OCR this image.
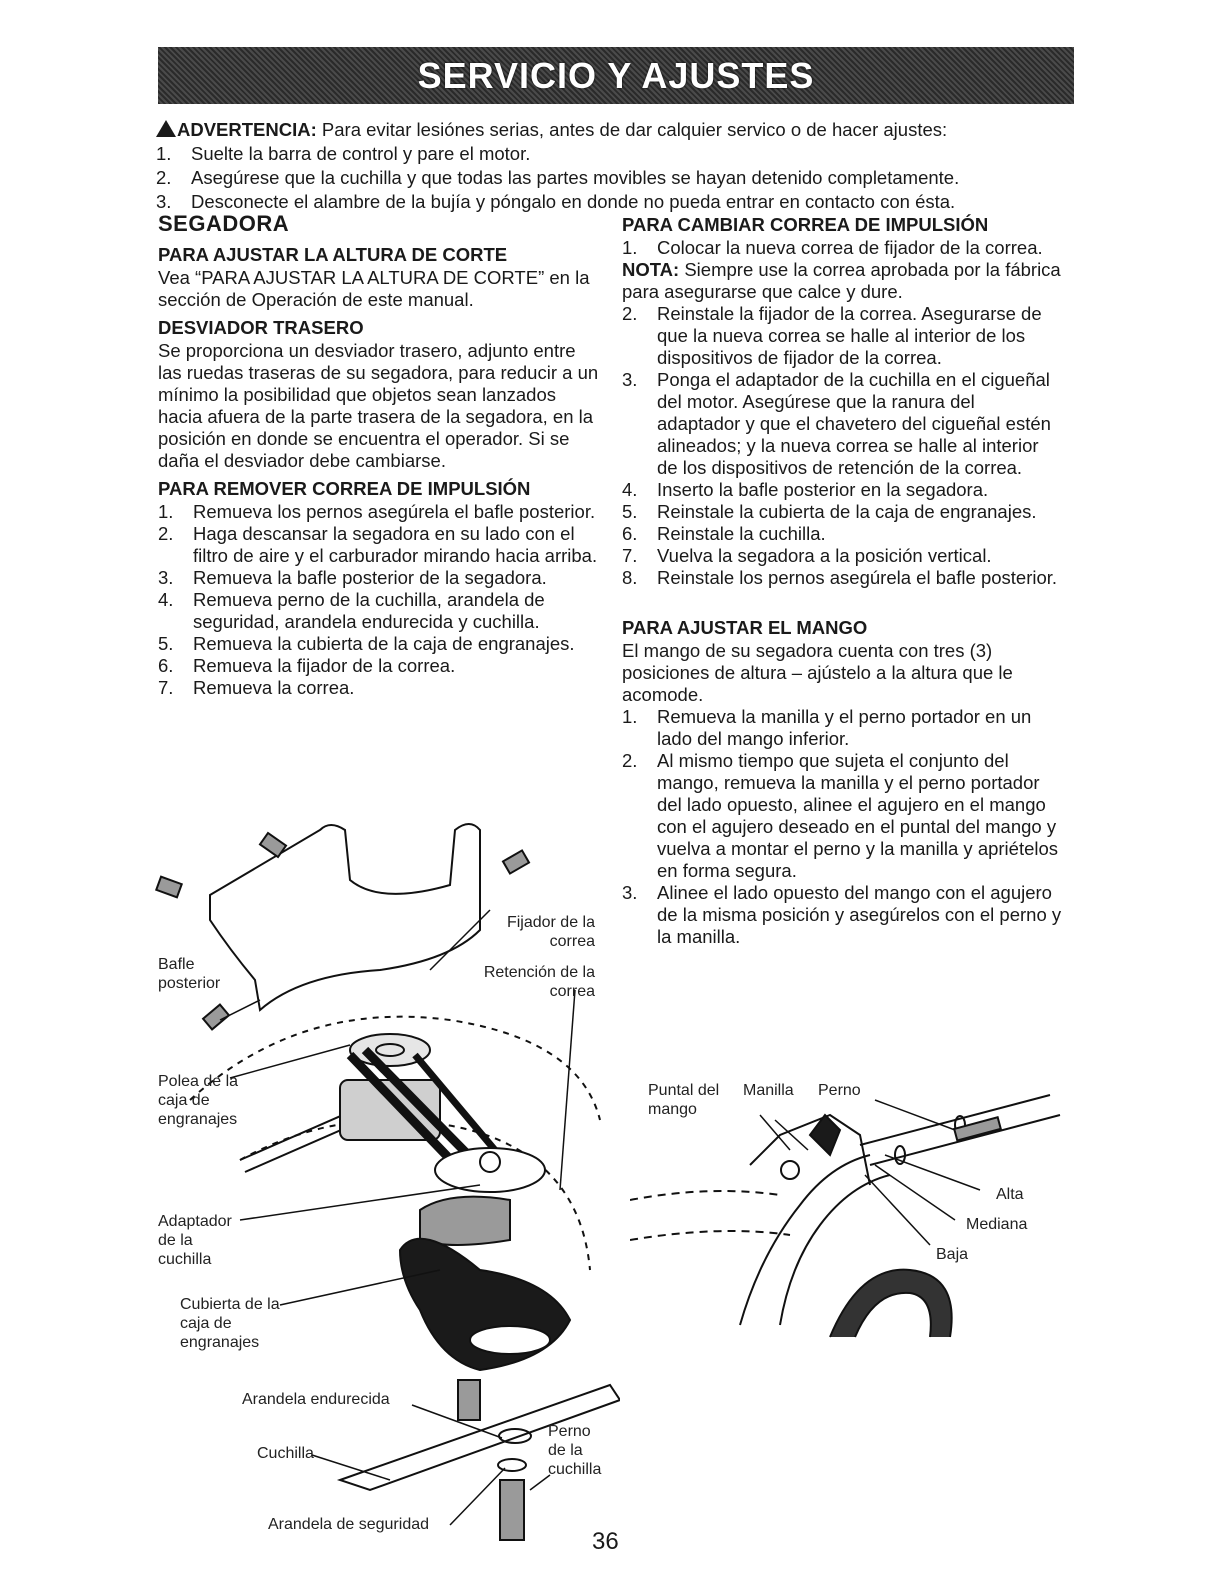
SERVICIO Y AJUSTES
ADVERTENCIA: Para evitar lesiónes serias, antes de dar calquier servico o de hacer ajustes:
1. Suelte la barra de control y pare el motor.
2. Asegúrese que la cuchilla y que todas las partes movibles se hayan detenido completamente.
3. Desconecte el alambre de la bujía y póngalo en donde no pueda entrar en contacto con ésta.
SEGADORA
PARA AJUSTAR LA ALTURA DE CORTE

Vea “PARA AJUSTAR LA ALTURA DE CORTE” en la sección de Operación de este manual.

DESVIADOR TRASERO

Se proporciona un desviador trasero, adjunto entre las ruedas traseras de su segadora, para reducir a un mínimo la posibilidad que objetos sean lanzados hacia afuera de la parte trasera de la segadora, en la posición en donde se encuentra el operador. Si se daña el desviador debe cambiarse.

PARA REMOVER CORREA DE IMPULSIÓN
1. Remueva los pernos asegúrela el bafle posterior.
2. Haga descansar la segadora en su lado con el filtro de aire y el carburador mirando hacia arriba.
3. Remueva la bafle posterior de la segadora.
4. Remueva perno de la cuchilla, arandela de seguridad, arandela endurecida y cuchilla.
5. Remueva la cubierta de la caja de engranajes.
6. Remueva la fijador de la correa.
7. Remueva la correa.
PARA CAMBIAR CORREA DE IMPULSIÓN
1. Colocar la nueva correa de fijador de la correa.

NOTA: Siempre use la correa aprobada por la fábrica para asegurarse que calce y dure.

2. Reinstale la fijador de la correa. Asegurarse de que la nueva correa se halle al interior de los dispositivos de fijador de la correa.
3. Ponga el adaptador de la cuchilla en el cigueñal del motor. Asegúrese que la ranura del adaptador y que el chavetero del cigueñal estén alineados; y la nueva correa se halle al interior de los dispositivos de retención de la correa.
4. Inserto la bafle posterior en la segadora.
5. Reinstale la cubierta de la caja de engranajes.
6. Reinstale la cuchilla.
7. Vuelva la segadora a la posición vertical.
8. Reinstale los pernos asegúrela el bafle posterior.
PARA AJUSTAR EL MANGO

El mango de su segadora cuenta con tres (3) posiciones de altura – ajústelo a la altura que le acomode.

1. Remueva la manilla y el perno portador en un lado del mango inferior.
2. Al mismo tiempo que sujeta el conjunto del mango, remueva la manilla y el perno portador del lado opuesto, alinee el agujero en el mango con el agujero deseado en el puntal del mango y vuelva a montar el perno y la manilla y apriételos en forma segura.
3. Alinee el lado opuesto del mango con el agujero de la misma posición y asegúrelos con el perno y la manilla.
Fijador de la correa
Retención de la correa
Bafle posterior
Polea de la caja de engranajes
Adaptador de la cuchilla
Cubierta de la caja de engranajes
Arandela endurecida
Cuchilla
Perno de la cuchilla
Arandela de seguridad
Puntal del mango
Manilla	Perno
Alta
Mediana
Baja
36
